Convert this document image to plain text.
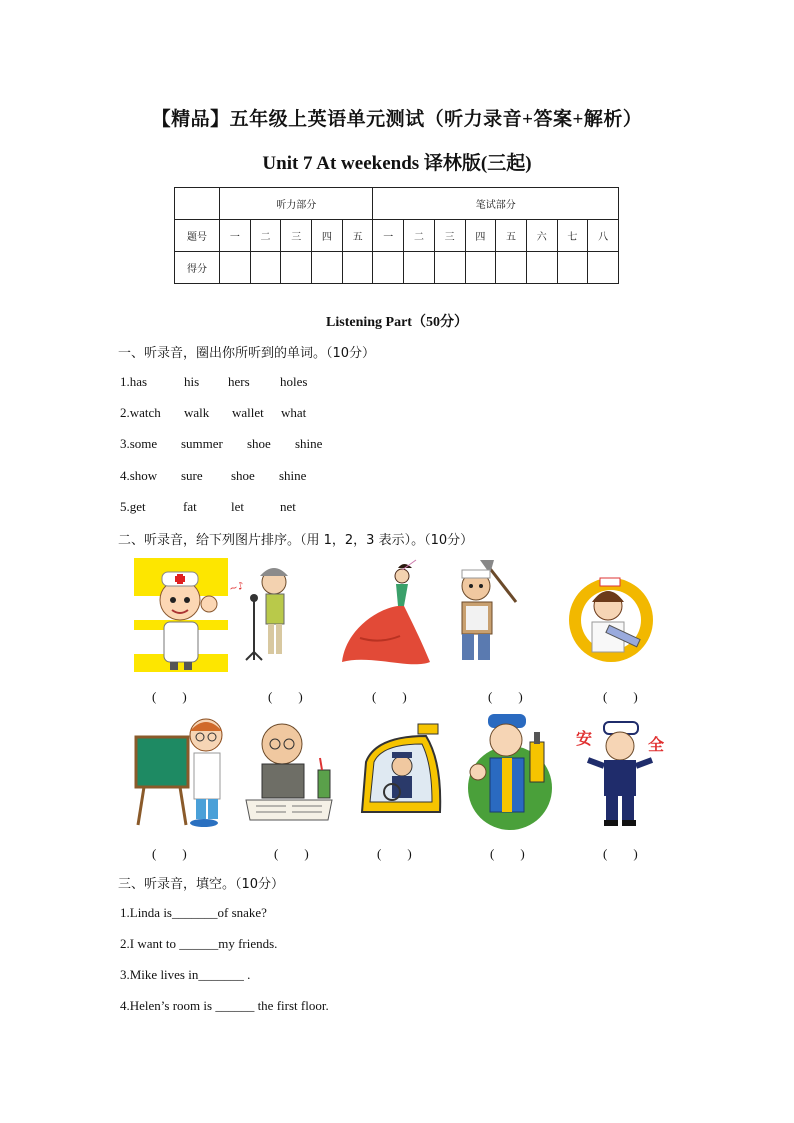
【精品】五年级上英语单元测试（听力录音+答案+解析）
Unit 7 At weekends 译林版(三起)
	听力部分					笔试部分							
题号	一	二	三	四	五	一	二	三	四	五	六	七	八
得分													
Listening Part（50分）
一、听录音，圈出你所听到的单词。（10分）
1.has	his hers holes
2.watch walk wallet what
3.some summer shoe shine
4.show sure shoe shine
5.get	fat	let	net
二、听录音，给下列图片排序。（用 1，2，3 表示）。（10分）
~♪
(　　)	(　　)	(　　)	(　　)	(　　)
安	全
(　　)	(　　)	(　　)	(　　)	(　　)
三、听录音，填空。（10分）
1.Linda is_______of snake?
2.I want to ______my friends.
3.Mike lives in_______ .
4.Helen’s room is ______ the first floor.
